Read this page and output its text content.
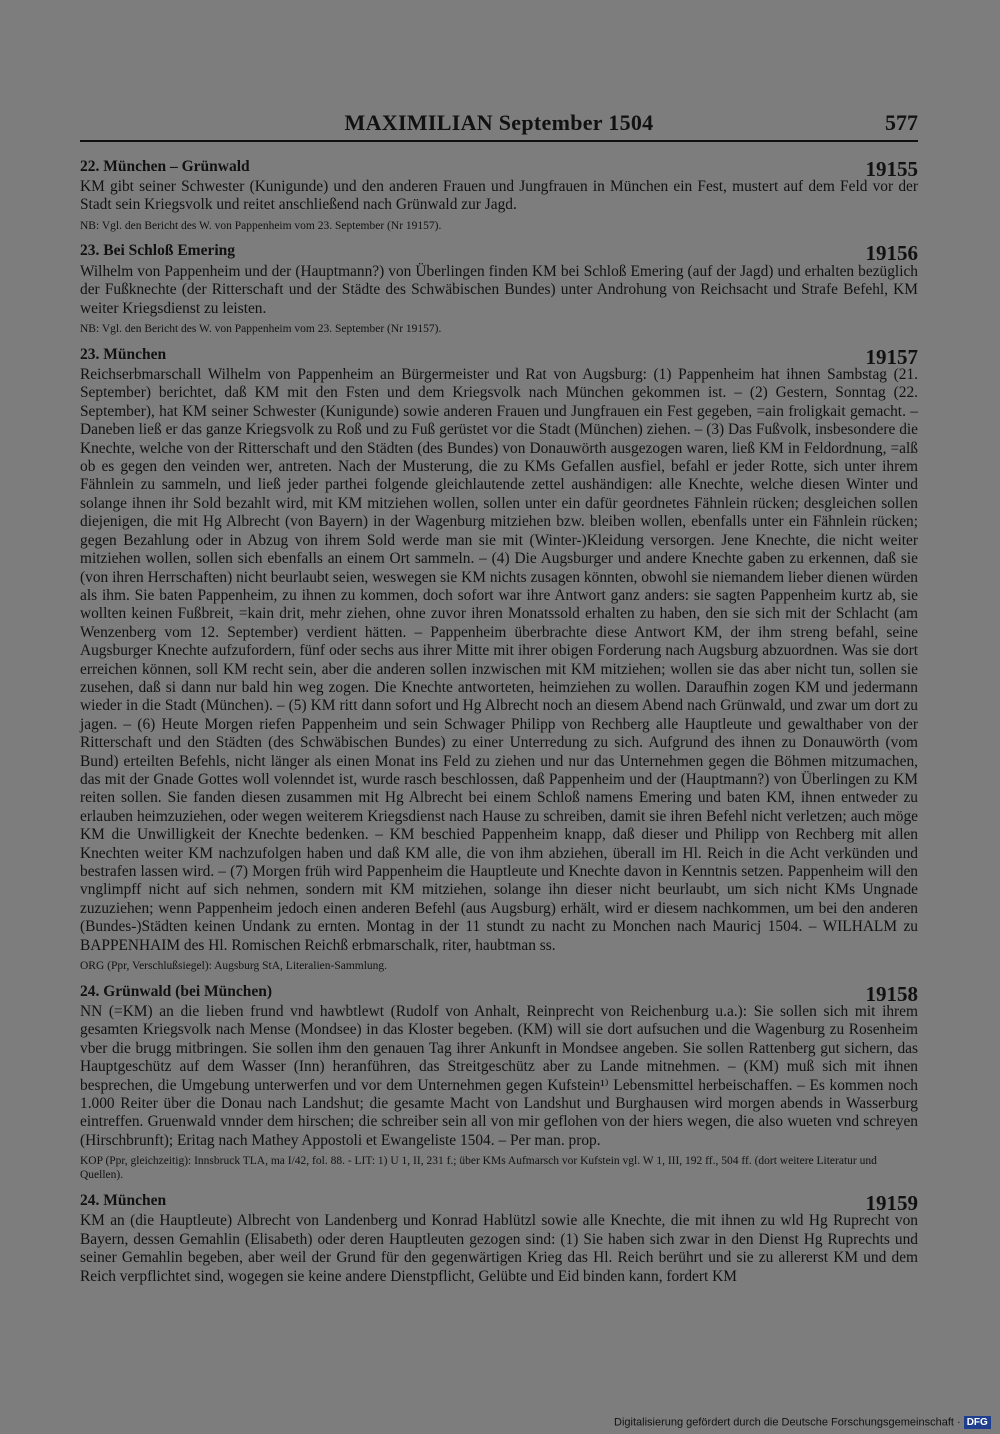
MAXIMILIAN September 1504	577
22. München – Grünwald	19155

KM gibt seiner Schwester (Kunigunde) und den anderen Frauen und Jungfrauen in München ein Fest, mustert auf dem Feld vor der Stadt sein Kriegsvolk und reitet anschließend nach Grünwald zur Jagd.

NB: Vgl. den Bericht des W. von Pappenheim vom 23. September (Nr 19157).

23. Bei Schloß Emering	19156

Wilhelm von Pappenheim und der (Hauptmann?) von Überlingen finden KM bei Schloß Emering (auf der Jagd) und erhalten bezüglich der Fußknechte (der Ritterschaft und der Städte des Schwäbischen Bundes) unter Androhung von Reichsacht und Strafe Befehl, KM weiter Kriegsdienst zu leisten.

NB: Vgl. den Bericht des W. von Pappenheim vom 23. September (Nr 19157).

23. München	19157

Reichserbmarschall Wilhelm von Pappenheim an Bürgermeister und Rat von Augsburg: (1) Pappenheim hat ihnen Sambstag (21. September) berichtet, daß KM mit den Fsten und dem Kriegsvolk nach München gekommen ist. – (2) Gestern, Sonntag (22. September), hat KM seiner Schwester (Kunigunde) sowie anderen Frauen und Jungfrauen ein Fest gegeben, =ain froligkait gemacht. – Daneben ließ er das ganze Kriegsvolk zu Roß und zu Fuß gerüstet vor die Stadt (München) ziehen. – (3) Das Fußvolk, insbesondere die Knechte, welche von der Ritterschaft und den Städten (des Bundes) von Donauwörth ausgezogen waren, ließ KM in Feldordnung, =alß ob es gegen den veinden wer, antreten. Nach der Musterung, die zu KMs Gefallen ausfiel, befahl er jeder Rotte, sich unter ihrem Fähnlein zu sammeln, und ließ jeder parthei folgende gleichlautende zettel aushändigen: alle Knechte, welche diesen Winter und solange ihnen ihr Sold bezahlt wird, mit KM mitziehen wollen, sollen unter ein dafür geordnetes Fähnlein rücken; desgleichen sollen diejenigen, die mit Hg Albrecht (von Bayern) in der Wagenburg mitziehen bzw. bleiben wollen, ebenfalls unter ein Fähnlein rücken; gegen Bezahlung oder in Abzug von ihrem Sold werde man sie mit (Winter-)Kleidung versorgen. Jene Knechte, die nicht weiter mitziehen wollen, sollen sich ebenfalls an einem Ort sammeln. – (4) Die Augsburger und andere Knechte gaben zu erkennen, daß sie (von ihren Herrschaften) nicht beurlaubt seien, weswegen sie KM nichts zusagen könnten, obwohl sie niemandem lieber dienen würden als ihm. Sie baten Pappenheim, zu ihnen zu kommen, doch sofort war ihre Antwort ganz anders: sie sagten Pappenheim kurtz ab, sie wollten keinen Fußbreit, =kain drit, mehr ziehen, ohne zuvor ihren Monatssold erhalten zu haben, den sie sich mit der Schlacht (am Wenzenberg vom 12. September) verdient hätten. – Pappenheim überbrachte diese Antwort KM, der ihm streng befahl, seine Augsburger Knechte aufzufordern, fünf oder sechs aus ihrer Mitte mit ihrer obigen Forderung nach Augsburg abzuordnen. Was sie dort erreichen können, soll KM recht sein, aber die anderen sollen inzwischen mit KM mitziehen; wollen sie das aber nicht tun, sollen sie zusehen, daß si dann nur bald hin weg zogen. Die Knechte antworteten, heimziehen zu wollen. Daraufhin zogen KM und jedermann wieder in die Stadt (München). – (5) KM ritt dann sofort und Hg Albrecht noch an diesem Abend nach Grünwald, und zwar um dort zu jagen. – (6) Heute Morgen riefen Pappenheim und sein Schwager Philipp von Rechberg alle Hauptleute und gewalthaber von der Ritterschaft und den Städten (des Schwäbischen Bundes) zu einer Unterredung zu sich. Aufgrund des ihnen zu Donauwörth (vom Bund) erteilten Befehls, nicht länger als einen Monat ins Feld zu ziehen und nur das Unternehmen gegen die Böhmen mitzumachen, das mit der Gnade Gottes woll volenndet ist, wurde rasch beschlossen, daß Pappenheim und der (Hauptmann?) von Überlingen zu KM reiten sollen. Sie fanden diesen zusammen mit Hg Albrecht bei einem Schloß namens Emering und baten KM, ihnen entweder zu erlauben heimzuziehen, oder wegen weiterem Kriegsdienst nach Hause zu schreiben, damit sie ihren Befehl nicht verletzen; auch möge KM die Unwilligkeit der Knechte bedenken. – KM beschied Pappenheim knapp, daß dieser und Philipp von Rechberg mit allen Knechten weiter KM nachzufolgen haben und daß KM alle, die von ihm abziehen, überall im Hl. Reich in die Acht verkünden und bestrafen lassen wird. – (7) Morgen früh wird Pappenheim die Hauptleute und Knechte davon in Kenntnis setzen. Pappenheim will den vnglimpff nicht auf sich nehmen, sondern mit KM mitziehen, solange ihn dieser nicht beurlaubt, um sich nicht KMs Ungnade zuzuziehen; wenn Pappenheim jedoch einen anderen Befehl (aus Augsburg) erhält, wird er diesem nachkommen, um bei den anderen (Bundes-)Städten keinen Undank zu ernten. Montag in der 11 stundt zu nacht zu Monchen nach Mauricj 1504. – WILHALM zu BAPPENHAIM des Hl. Romischen Reichß erbmarschalk, riter, haubtman ss.

ORG (Ppr, Verschlußsiegel): Augsburg StA, Literalien-Sammlung.

24. Grünwald (bei München)	19158

NN (=KM) an die lieben frund vnd hawbtlewt (Rudolf von Anhalt, Reinprecht von Reichenburg u.a.): Sie sollen sich mit ihrem gesamten Kriegsvolk nach Mense (Mondsee) in das Kloster begeben. (KM) will sie dort aufsuchen und die Wagenburg zu Rosenheim vber die brugg mitbringen. Sie sollen ihm den genauen Tag ihrer Ankunft in Mondsee angeben. Sie sollen Rattenberg gut sichern, das Hauptgeschütz auf dem Wasser (Inn) heranführen, das Streitgeschütz aber zu Lande mitnehmen. – (KM) muß sich mit ihnen besprechen, die Umgebung unterwerfen und vor dem Unternehmen gegen Kufstein¹⁾ Lebensmittel herbeischaffen. – Es kommen noch 1.000 Reiter über die Donau nach Landshut; die gesamte Macht von Landshut und Burghausen wird morgen abends in Wasserburg eintreffen. Gruenwald vnnder dem hirschen; die schreiber sein all von mir geflohen von der hiers wegen, die also wueten vnd schreyen (Hirschbrunft); Eritag nach Mathey Appostoli et Ewangeliste 1504. – Per man. prop.

KOP (Ppr, gleichzeitig): Innsbruck TLA, ma I/42, fol. 88. - LIT: 1) U 1, II, 231 f.; über KMs Aufmarsch vor Kufstein vgl. W 1, III, 192 ff., 504 ff. (dort weitere Literatur und Quellen).

24. München	19159

KM an (die Hauptleute) Albrecht von Landenberg und Konrad Hablützl sowie alle Knechte, die mit ihnen zu wld Hg Ruprecht von Bayern, dessen Gemahlin (Elisabeth) oder deren Hauptleuten gezogen sind: (1) Sie haben sich zwar in den Dienst Hg Ruprechts und seiner Gemahlin begeben, aber weil der Grund für den gegenwärtigen Krieg das Hl. Reich berührt und sie zu allererst KM und dem Reich verpflichtet sind, wogegen sie keine andere Dienstpflicht, Gelübte und Eid binden kann, fordert KM

Digitalisierung gefördert durch die Deutsche Forschungsgemeinschaft · DFG
